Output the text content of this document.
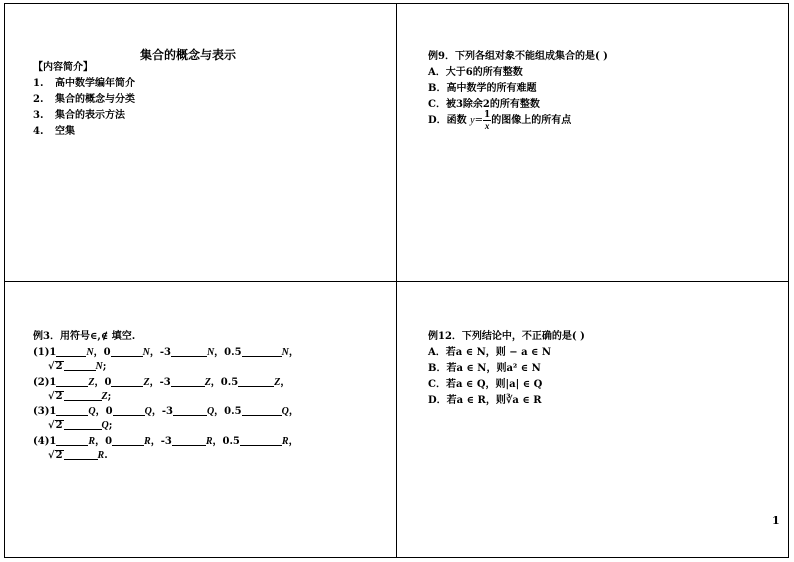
集合的概念与表示
【内容简介】
1. 高中数学编年简介
2. 集合的概念与分类
3. 集合的表示方法
4. 空集
例9．下列各组对象不能组成集合的是( )
A．大于6的所有整数
B．高中数学的所有难题
C．被3除余2的所有整数
D．函数 $y= \frac{1}{x}$ 的图像上的所有点
例3．用符号∈,∉ 填空.
(1)1	N，0	N，-3	N，0.5	N，
√2	N;
(2)1	Z，0	Z，-3	Z，0.5	Z，
√2	Z;
(3)1	Q，0	Q，-3	Q，0.5	Q，
√2	Q;
(4)1	R，0	R，-3	R，0.5	R，
√2	R.
例12．下列结论中，不正确的是( )
A．若a ∈ N，则 − a ∈ N
B．若a ∈ N，则a² ∈ N
C．若a ∈ Q，则|a| ∈ Q
D．若a ∈ R，则∛a ∈ R
1
